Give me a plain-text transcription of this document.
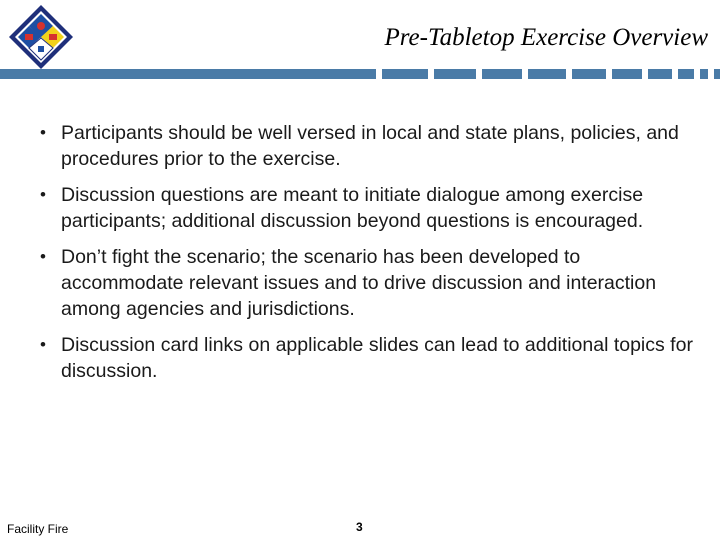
Pre-Tabletop Exercise Overview
• Participants should be well versed in local and state plans, policies, and procedures prior to the exercise.
• Discussion questions are meant to initiate dialogue among exercise participants; additional discussion beyond questions is encouraged.
• Don’t fight the scenario; the scenario has been developed to accommodate relevant issues and to drive discussion and interaction among agencies and jurisdictions.
• Discussion card links on applicable slides can lead to additional topics for discussion.
Facility Fire	3
